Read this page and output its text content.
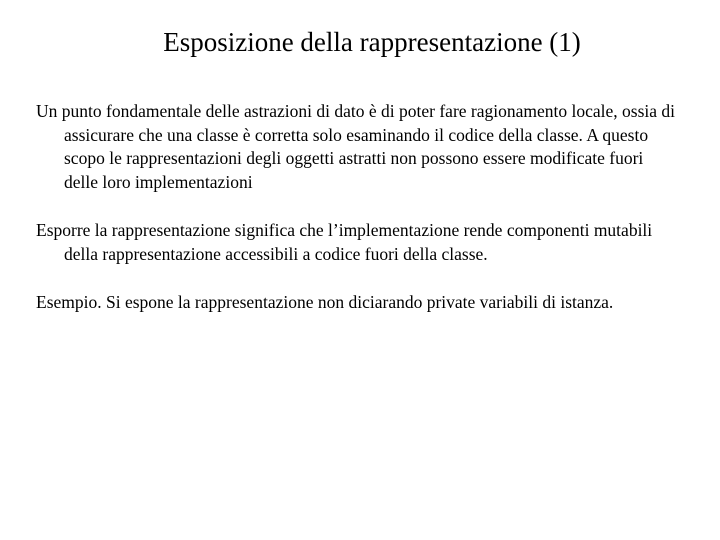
Esposizione della rappresentazione (1)

Un punto fondamentale delle astrazioni di dato è di poter fare ragionamento locale, ossia di assicurare che una classe è corretta solo esaminando il codice della classe. A questo scopo le rappresentazioni degli oggetti astratti non possono essere modificate fuori delle loro implementazioni

Esporre la rappresentazione significa che l’implementazione rende componenti mutabili della rappresentazione accessibili a codice fuori della classe.

Esempio. Si espone la rappresentazione non diciarando private variabili di istanza.
